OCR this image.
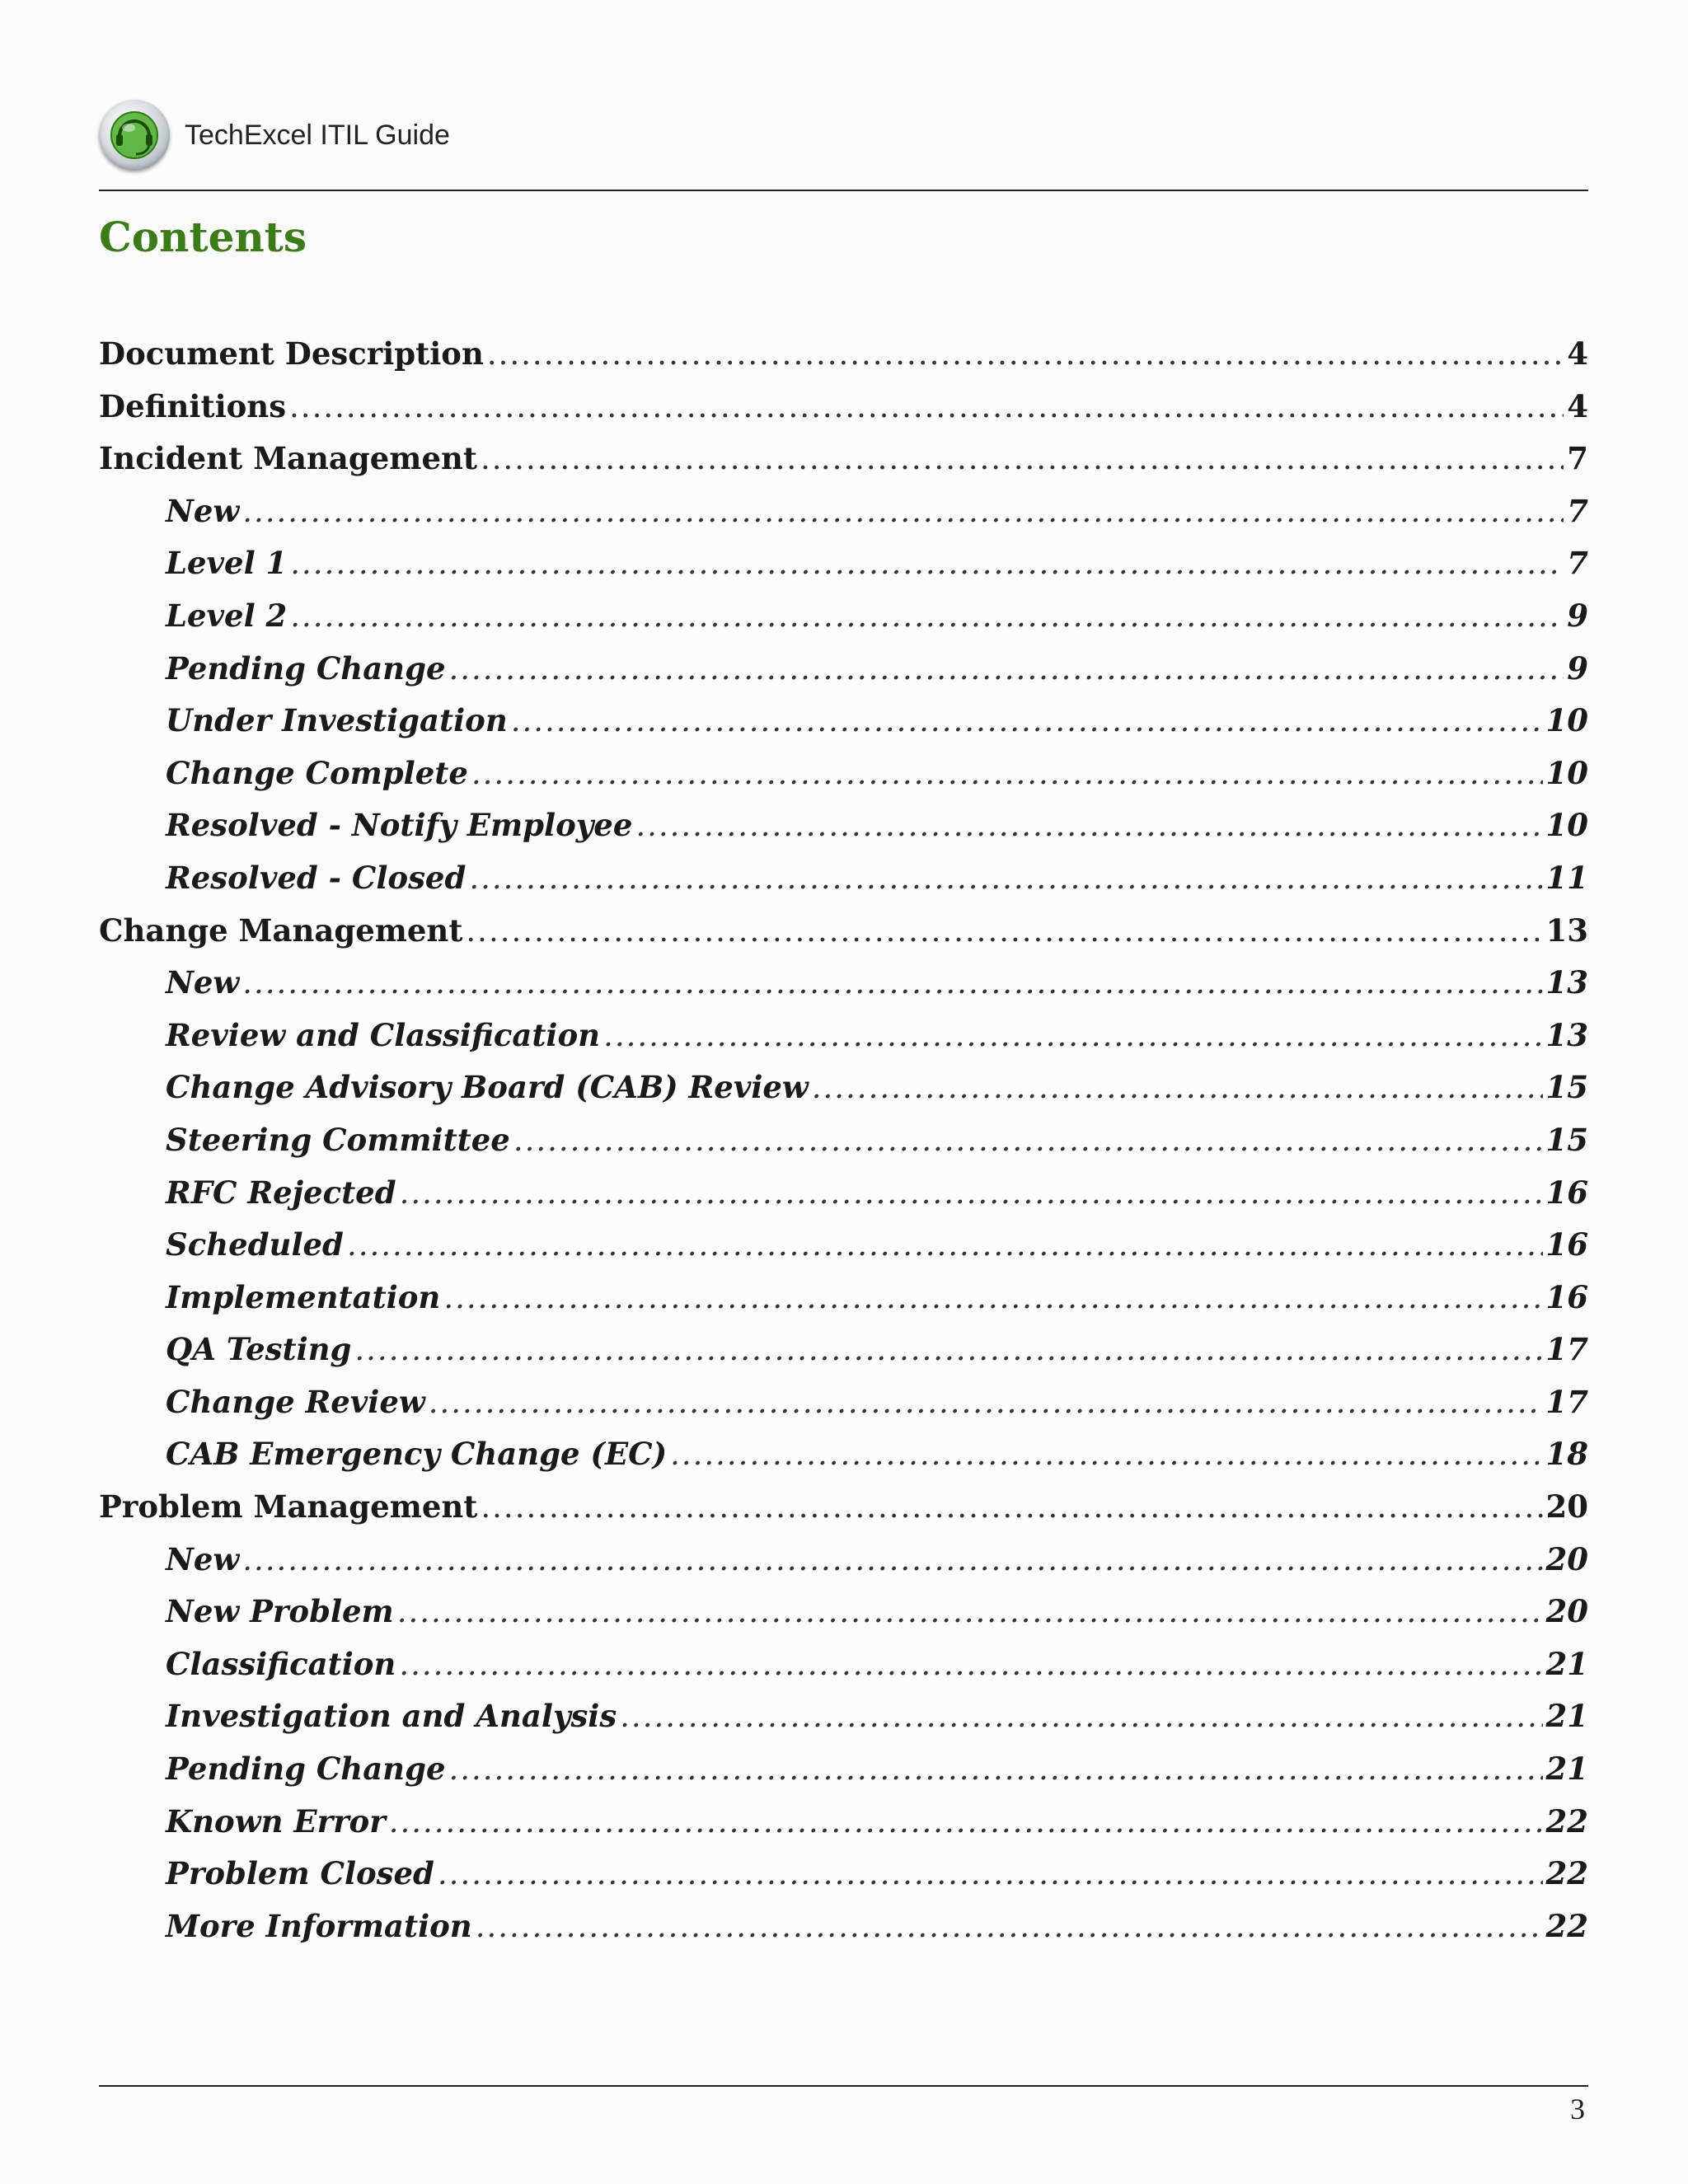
TechExcel ITIL Guide
Contents
Document Description .....	4
Definitions .....	4
Incident Management .....	7
New .....	7
Level 1 .....	7
Level 2 .....	9
Pending Change .....	9
Under Investigation .....	10
Change Complete .....	10
Resolved - Notify Employee .....	10
Resolved - Closed .....	11
Change Management .....	13
New .....	13
Review and Classification .....	13
Change Advisory Board (CAB) Review .....	15
Steering Committee .....	15
RFC Rejected .....	16
Scheduled .....	16
Implementation .....	16
QA Testing .....	17
Change Review .....	17
CAB Emergency Change (EC) .....	18
Problem Management .....	20
New .....	20
New Problem .....	20
Classification .....	21
Investigation and Analysis .....	21
Pending Change .....	21
Known Error .....	22
Problem Closed .....	22
More Information .....	22
3
